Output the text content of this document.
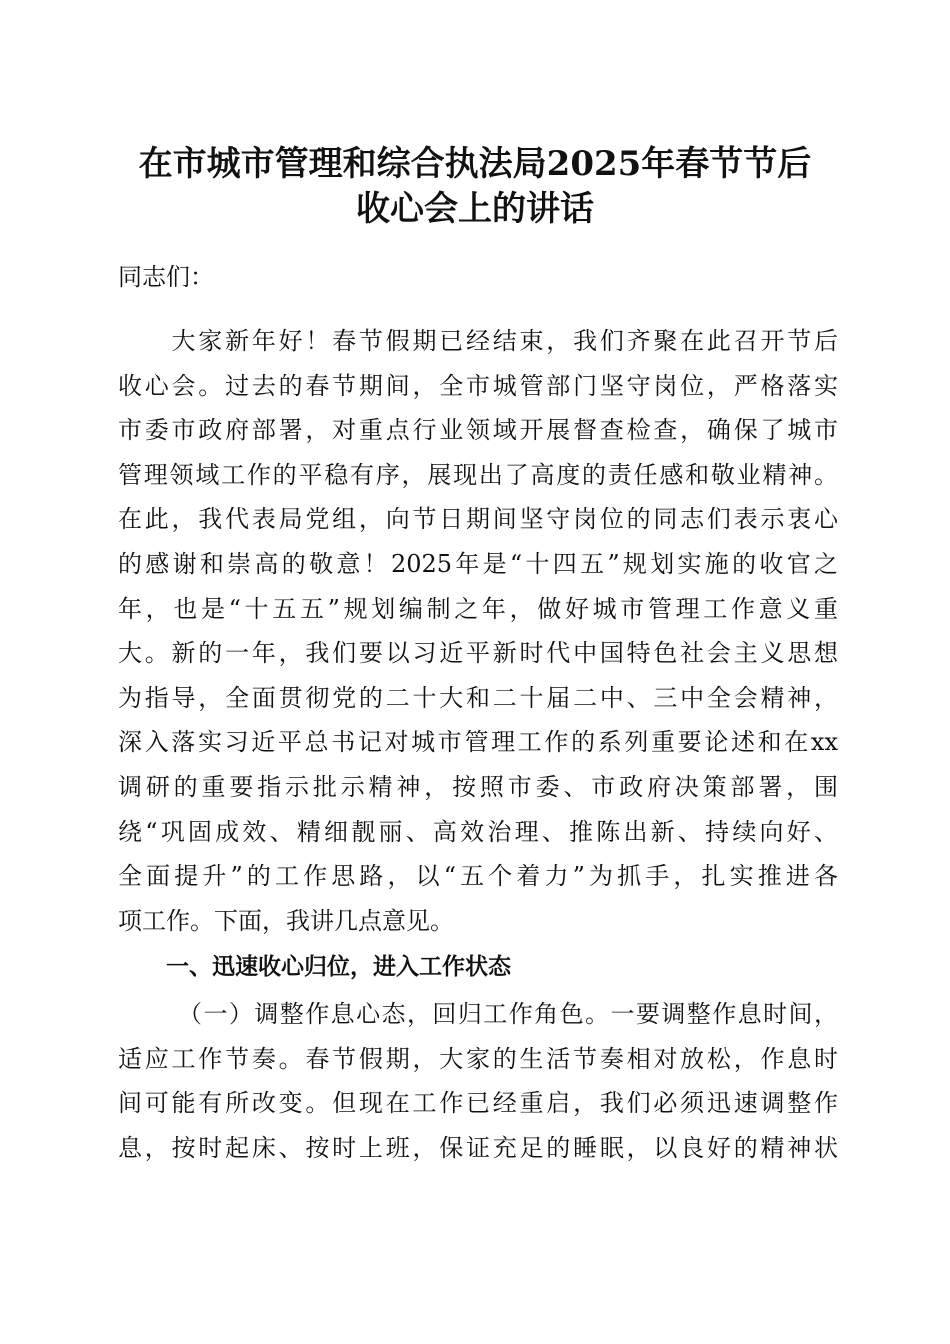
在市城市管理和综合执法局2025年春节节后
收心会上的讲话

同志们：

　　大家新年好！春节假期已经结束，我们齐聚在此召开节后
收心会。过去的春节期间，全市城管部门坚守岗位，严格落实
市委市政府部署，对重点行业领域开展督查检查，确保了城市
管理领域工作的平稳有序，展现出了高度的责任感和敬业精神。
在此，我代表局党组，向节日期间坚守岗位的同志们表示衷心
的感谢和崇高的敬意！2025年是“十四五”规划实施的收官之
年，也是“十五五”规划编制之年，做好城市管理工作意义重
大。新的一年，我们要以习近平新时代中国特色社会主义思想
为指导，全面贯彻党的二十大和二十届二中、三中全会精神，
深入落实习近平总书记对城市管理工作的系列重要论述和在xx
调研的重要指示批示精神，按照市委、市政府决策部署，围
绕“巩固成效、精细靓丽、高效治理、推陈出新、持续向好、
全面提升”的工作思路，以“五个着力”为抓手，扎实推进各
项工作。下面，我讲几点意见。
一、迅速收心归位，进入工作状态
（一）调整作息心态，回归工作角色。一要调整作息时间，
适应工作节奏。春节假期，大家的生活节奏相对放松，作息时
间可能有所改变。但现在工作已经重启，我们必须迅速调整作
息，按时起床、按时上班，保证充足的睡眠，以良好的精神状
